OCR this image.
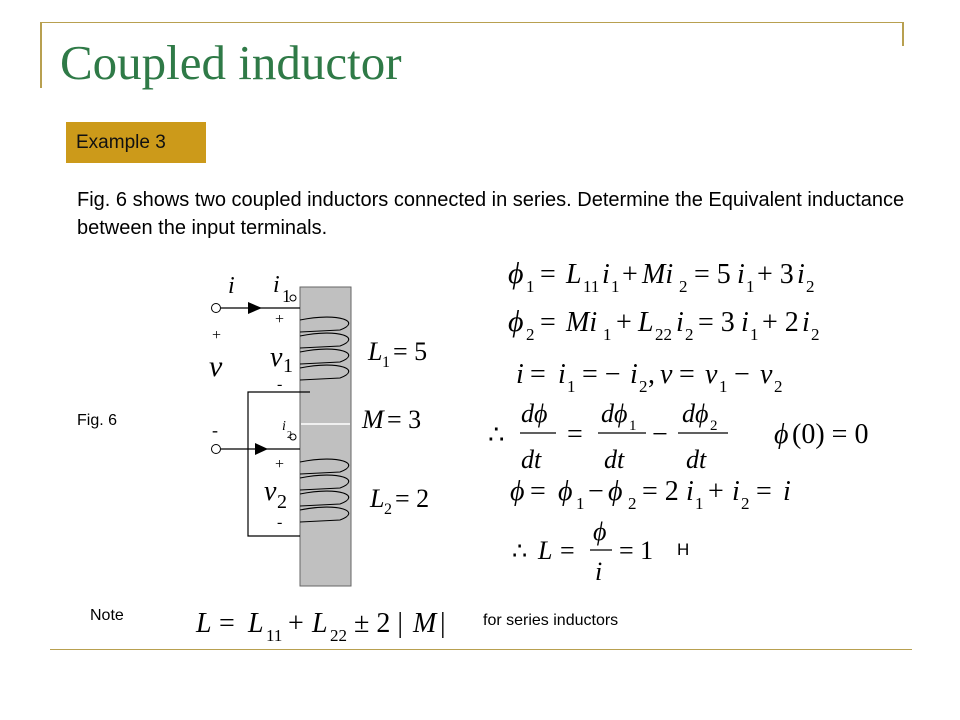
Coupled inductor
Example 3
Fig. 6 shows two coupled inductors connected in series. Determine the Equivalent inductance between the input terminals.
Fig. 6
Note	for series inductors
H
i i 1
i
2
+
v
-
+
v 1
-
+
v 2
-
L 1 = 5
M = 3
L 2 = 2
ϕ 1 = L 11 i 1 + Mi 2 = 5 i 1 + 3 i 2
ϕ 2 = Mi 1 + L 22 i 2 = 3 i 1 + 2 i 2
i = i 1 = − i 2 , v = v 1 − v 2
∴
dϕ
dt
=
dϕ 1
dt
−
dϕ 2
dt
ϕ (0) = 0
ϕ = ϕ 1 − ϕ 2 = 2 i 1 + i 2 = i
∴ L =
ϕ
i
= 1
L = L 11 + L 22 ± 2 | M |
